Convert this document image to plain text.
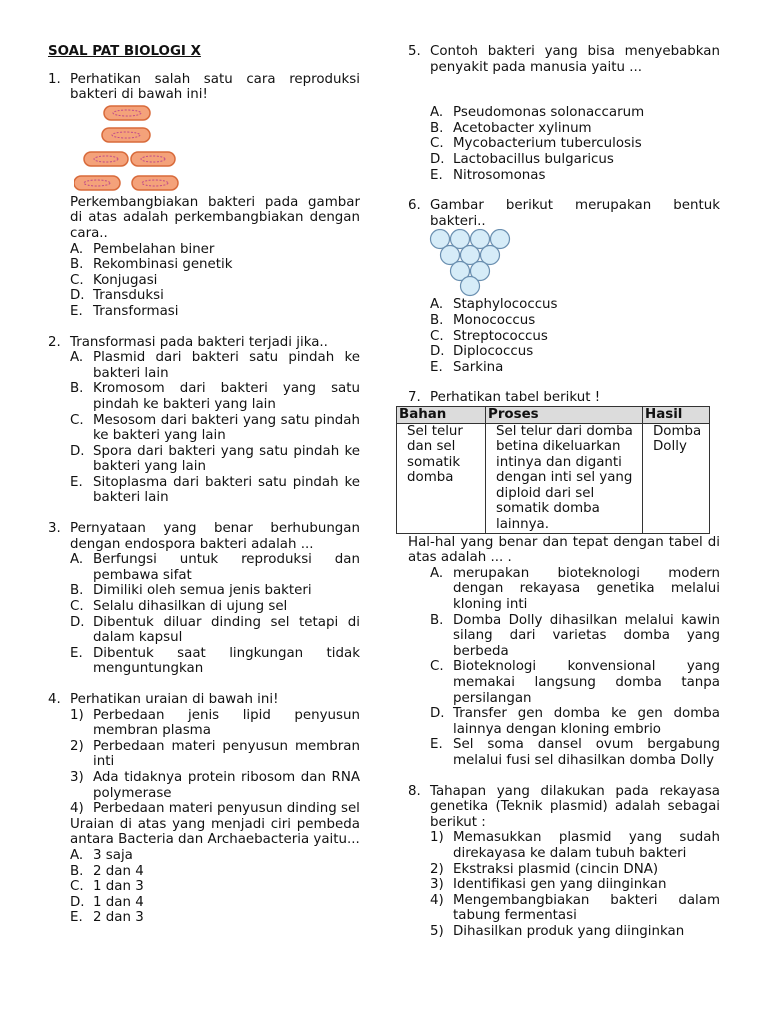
SOAL PAT BIOLOGI X
1. Perhatikan salah satu cara reproduksi bakteri di bawah ini!
Perkembangbiakan bakteri pada gambar di atas adalah perkembangbiakan dengan cara..
A. Pembelahan biner
B. Rekombinasi genetik
C. Konjugasi
D. Transduksi
E. Transformasi
2. Transformasi pada bakteri terjadi jika..
A. Plasmid dari bakteri satu pindah ke bakteri lain
B. Kromosom dari bakteri yang satu pindah ke bakteri yang lain
C. Mesosom dari bakteri yang satu pindah ke bakteri yang lain
D. Spora dari bakteri yang satu pindah ke bakteri yang lain
E. Sitoplasma dari bakteri satu pindah ke bakteri lain
3. Pernyataan yang benar berhubungan dengan endospora bakteri adalah ...
A. Berfungsi untuk reproduksi dan pembawa sifat
B. Dimiliki oleh semua jenis bakteri
C. Selalu dihasilkan di ujung sel
D. Dibentuk diluar dinding sel tetapi di dalam kapsul
E. Dibentuk saat lingkungan tidak menguntungkan
4. Perhatikan uraian di bawah ini!
1) Perbedaan jenis lipid penyusun membran plasma
2) Perbedaan materi penyusun membran inti
3) Ada tidaknya protein ribosom dan RNA polymerase
4) Perbedaan materi penyusun dinding sel
Uraian di atas yang menjadi ciri pembeda antara Bacteria dan Archaebacteria yaitu...
A. 3 saja
B. 2 dan 4
C. 1 dan 3
D. 1 dan 4
E. 2 dan 3
5. Contoh bakteri yang bisa menyebabkan penyakit pada manusia yaitu ...
A. Pseudomonas solonaccarum
B. Acetobacter xylinum
C. Mycobacterium tuberculosis
D. Lactobacillus bulgaricus
E. Nitrosomonas
6. Gambar berikut merupakan bentuk bakteri..
A. Staphylococcus
B. Monococcus
C. Streptococcus
D. Diplococcus
E. Sarkina
7. Perhatikan tabel berikut !
Bahan	Proses	Hasil
Sel telur dan sel somatik domba	Sel telur dari domba betina dikeluarkan intinya dan diganti dengan inti sel yang diploid dari sel somatik domba lainnya.	Domba Dolly
Hal-hal yang benar dan tepat dengan tabel di atas adalah ... .
A. merupakan bioteknologi modern dengan rekayasa genetika melalui kloning inti
B. Domba Dolly dihasilkan melalui kawin silang dari varietas domba yang berbeda
C. Bioteknologi konvensional yang memakai langsung domba tanpa persilangan
D. Transfer gen domba ke gen domba lainnya dengan kloning embrio
E. Sel soma dansel ovum bergabung melalui fusi sel dihasilkan domba Dolly
8. Tahapan yang dilakukan pada rekayasa genetika (Teknik plasmid) adalah sebagai berikut :
1) Memasukkan plasmid yang sudah direkayasa ke dalam tubuh bakteri
2) Ekstraksi plasmid (cincin DNA)
3) Identifikasi gen yang diinginkan
4) Mengembangbiakan bakteri dalam tabung fermentasi
5) Dihasilkan produk yang diinginkan
